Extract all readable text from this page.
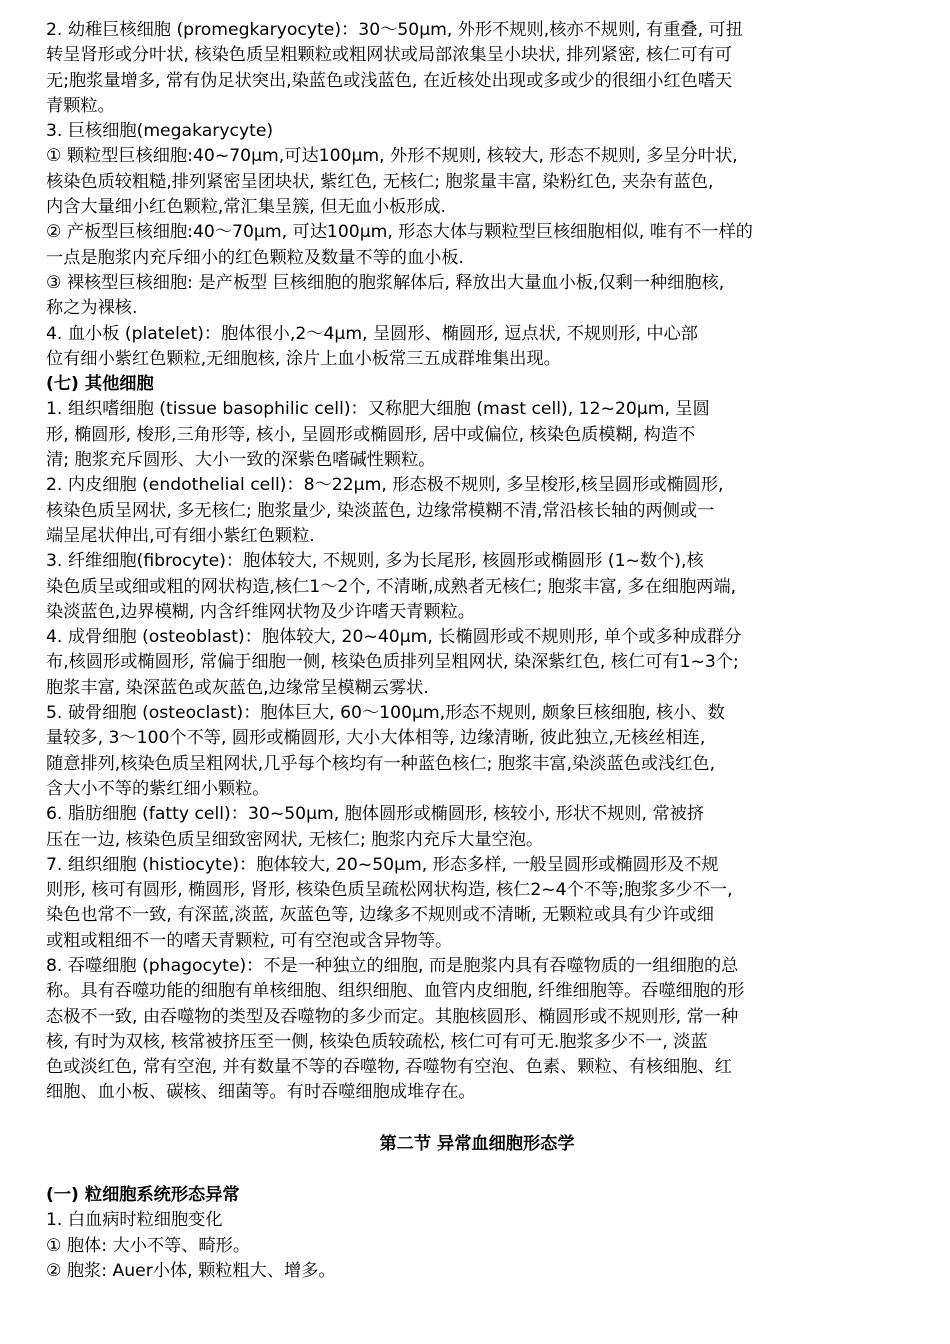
2. 幼稚巨核细胞 (promegkaryocyte)：30～50μm, 外形不规则,核亦不规则, 有重叠, 可扭
转呈肾形或分叶状, 核染色质呈粗颗粒或粗网状或局部浓集呈小块状, 排列紧密, 核仁可有可
无;胞浆量增多, 常有伪足状突出,染蓝色或浅蓝色, 在近核处出现或多或少的很细小红色嗜天
青颗粒。
3. 巨核细胞(megakarycyte)
① 颗粒型巨核细胞:40~70μm,可达100μm, 外形不规则, 核较大, 形态不规则, 多呈分叶状,
核染色质较粗糙,排列紧密呈团块状, 紫红色, 无核仁; 胞浆量丰富, 染粉红色, 夹杂有蓝色,
内含大量细小红色颗粒,常汇集呈簇, 但无血小板形成.
② 产板型巨核细胞:40～70μm, 可达100μm, 形态大体与颗粒型巨核细胞相似, 唯有不一样的
一点是胞浆内充斥细小的红色颗粒及数量不等的血小板.
③ 裸核型巨核细胞: 是产板型 巨核细胞的胞浆解体后, 释放出大量血小板,仅剩一种细胞核,
称之为裸核.
4. 血小板 (platelet)：胞体很小,2～4μm, 呈圆形、椭圆形, 逗点状, 不规则形, 中心部
位有细小紫红色颗粒,无细胞核, 涂片上血小板常三五成群堆集出现。
(七) 其他细胞
1. 组织嗜细胞 (tissue basophilic cell)：又称肥大细胞 (mast cell), 12~20μm, 呈圆
形, 椭圆形, 梭形,三角形等, 核小, 呈圆形或椭圆形, 居中或偏位, 核染色质模糊, 构造不
清; 胞浆充斥圆形、大小一致的深紫色嗜碱性颗粒。
2. 内皮细胞 (endothelial cell)：8～22μm, 形态极不规则, 多呈梭形,核呈圆形或椭圆形,
核染色质呈网状, 多无核仁; 胞浆量少, 染淡蓝色, 边缘常模糊不清,常沿核长轴的两侧或一
端呈尾状伸出,可有细小紫红色颗粒.
3. 纤维细胞(fibrocyte)：胞体较大, 不规则, 多为长尾形, 核圆形或椭圆形 (1~数个),核
染色质呈或细或粗的网状构造,核仁1～2个, 不清晰,成熟者无核仁; 胞浆丰富, 多在细胞两端,
染淡蓝色,边界模糊, 内含纤维网状物及少许嗜天青颗粒。
4. 成骨细胞 (osteoblast)：胞体较大, 20~40μm, 长椭圆形或不规则形, 单个或多种成群分
布,核圆形或椭圆形, 常偏于细胞一侧, 核染色质排列呈粗网状, 染深紫红色, 核仁可有1~3个;
胞浆丰富, 染深蓝色或灰蓝色,边缘常呈模糊云雾状.
5. 破骨细胞 (osteoclast)：胞体巨大, 60～100μm,形态不规则, 颇象巨核细胞, 核小、数
量较多, 3～100个不等, 圆形或椭圆形, 大小大体相等, 边缘清晰, 彼此独立,无核丝相连,
随意排列,核染色质呈粗网状,几乎每个核均有一种蓝色核仁; 胞浆丰富,染淡蓝色或浅红色,
含大小不等的紫红细小颗粒。
6. 脂肪细胞 (fatty cell)：30~50μm, 胞体圆形或椭圆形, 核较小, 形状不规则, 常被挤
压在一边, 核染色质呈细致密网状, 无核仁; 胞浆内充斥大量空泡。
7. 组织细胞 (histiocyte)：胞体较大, 20~50μm, 形态多样, 一般呈圆形或椭圆形及不规
则形, 核可有圆形, 椭圆形, 肾形, 核染色质呈疏松网状构造, 核仁2~4个不等;胞浆多少不一,
染色也常不一致, 有深蓝,淡蓝, 灰蓝色等, 边缘多不规则或不清晰, 无颗粒或具有少许或细
或粗或粗细不一的嗜天青颗粒, 可有空泡或含异物等。
8. 吞噬细胞 (phagocyte)：不是一种独立的细胞, 而是胞浆内具有吞噬物质的一组细胞的总
称。具有吞噬功能的细胞有单核细胞、组织细胞、血管内皮细胞, 纤维细胞等。吞噬细胞的形
态极不一致, 由吞噬物的类型及吞噬物的多少而定。其胞核圆形、椭圆形或不规则形, 常一种
核, 有时为双核, 核常被挤压至一侧, 核染色质较疏松, 核仁可有可无.胞浆多少不一, 淡蓝
色或淡红色, 常有空泡, 并有数量不等的吞噬物, 吞噬物有空泡、色素、颗粒、有核细胞、红
细胞、血小板、碳核、细菌等。有时吞噬细胞成堆存在。
第二节 异常血细胞形态学
(一) 粒细胞系统形态异常
1. 白血病时粒细胞变化
① 胞体: 大小不等、畸形。
② 胞浆: Auer小体, 颗粒粗大、增多。
